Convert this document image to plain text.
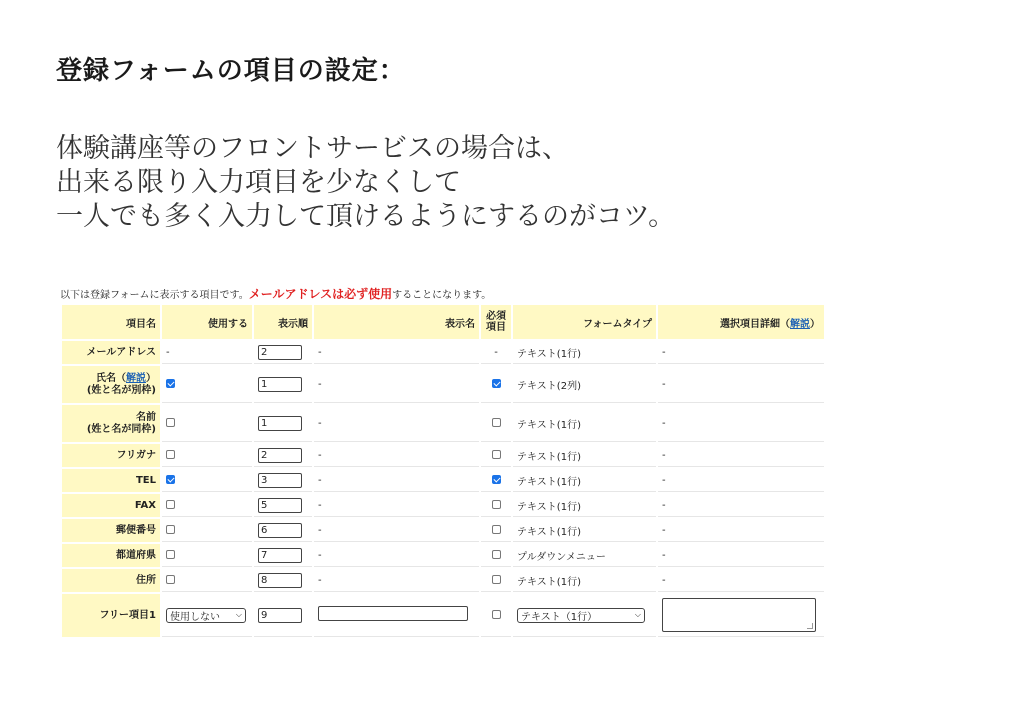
登録フォームの項目の設定：
体験講座等のフロントサービスの場合は、
出来る限り入力項目を少なくして
一人でも多く入力して頂けるようにするのがコツ。
以下は登録フォームに表示する項目です。メールアドレスは必ず使用することになります。
項目名	使用する	表示順	表示名	必須
項目	フォームタイプ	選択項目詳細（解説）
メールアドレス	-	2	-	-	テキスト(1行)	-
氏名（解説）
(姓と名が別枠)		1	-		テキスト(2列)	-
名前
(姓と名が同枠)		1	-		テキスト(1行)	-
フリガナ		2	-		テキスト(1行)	-
TEL		3	-		テキスト(1行)	-
FAX		5	-		テキスト(1行)	-
郵便番号		6	-		テキスト(1行)	-
都道府県		7	-		プルダウンメニュー	-
住所		8	-		テキスト(1行)	-
フリー項目1	使用しない ⌵	9			テキスト（1行） ⌵	
